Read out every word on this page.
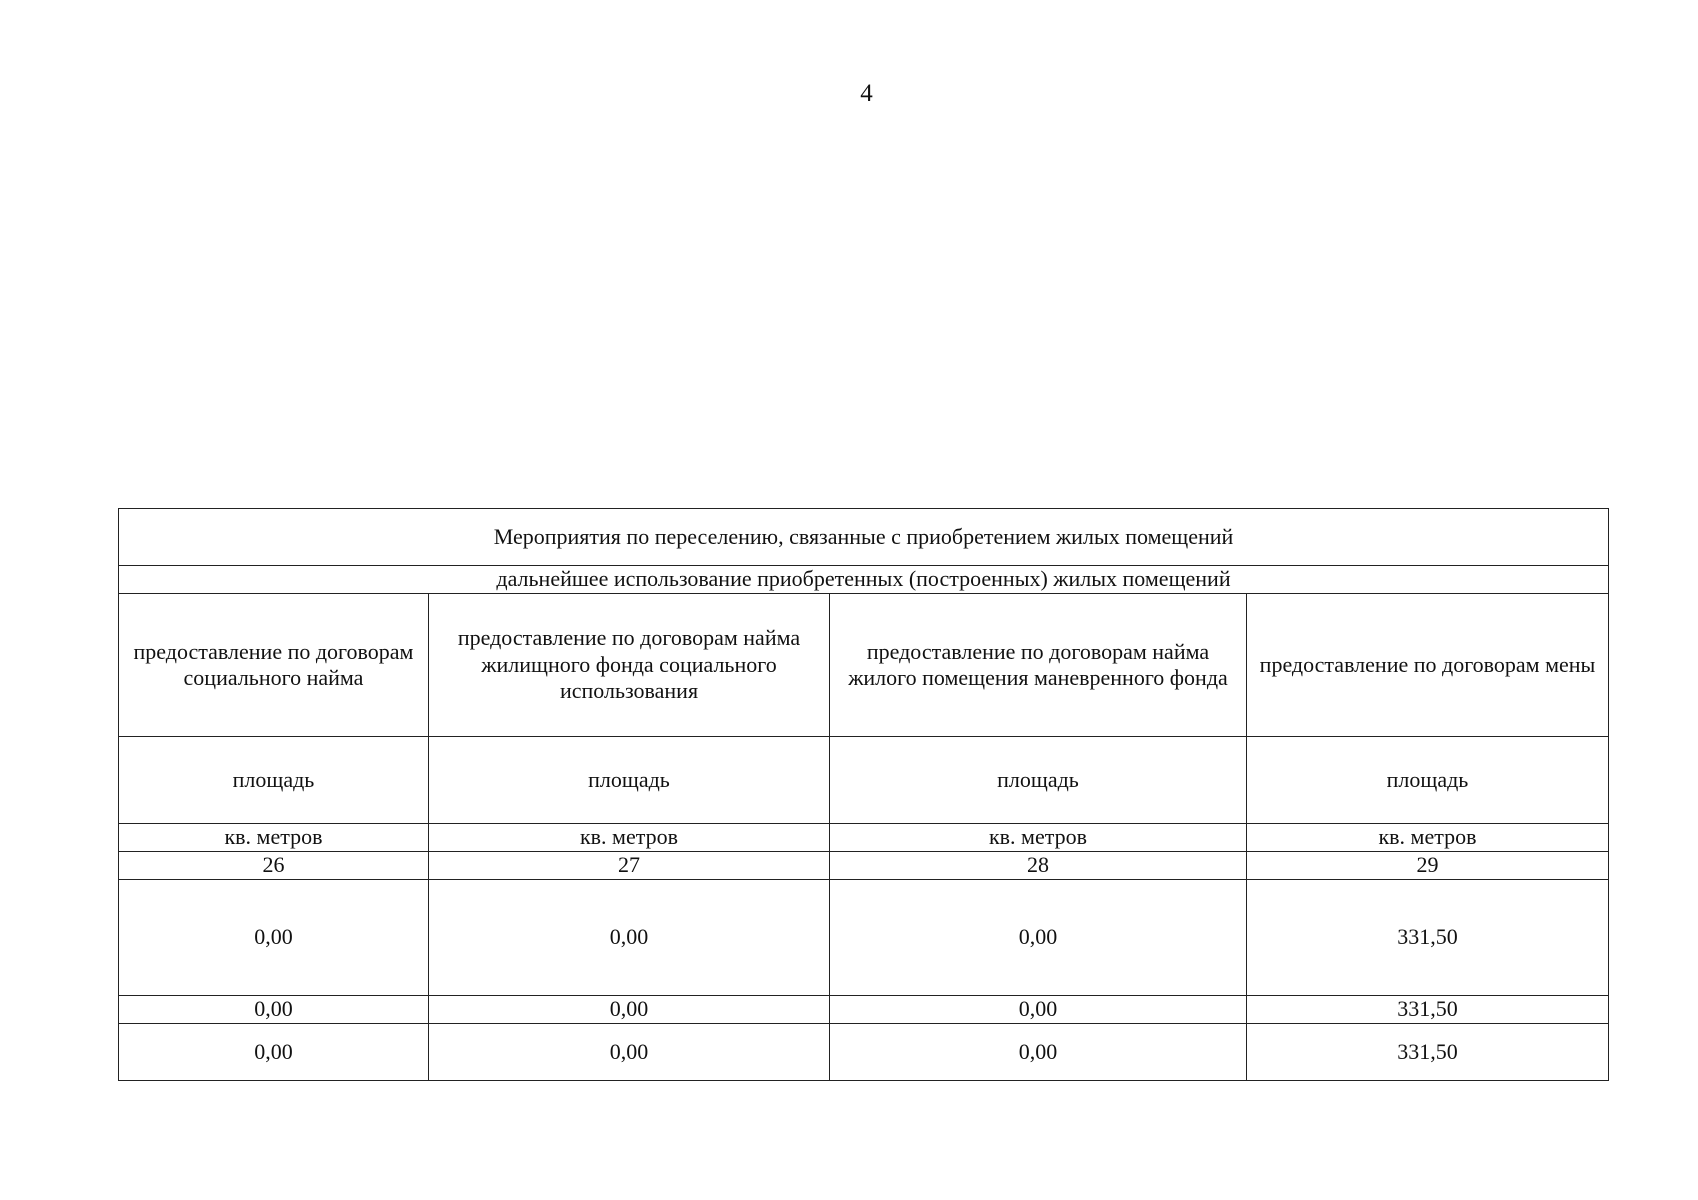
4
Мероприятия по переселению, связанные с приобретением жилых помещений			
дальнейшее использование приобретенных (построенных) жилых помещений			
предоставление по договорам социального найма	предоставление по договорам найма жилищного фонда социального использования	предоставление по договорам найма жилого помещения маневренного фонда	предоставление по договорам мены
площадь	площадь	площадь	площадь
кв. метров	кв. метров	кв. метров	кв. метров
26	27	28	29
0,00	0,00	0,00	331,50
0,00	0,00	0,00	331,50
0,00	0,00	0,00	331,50
